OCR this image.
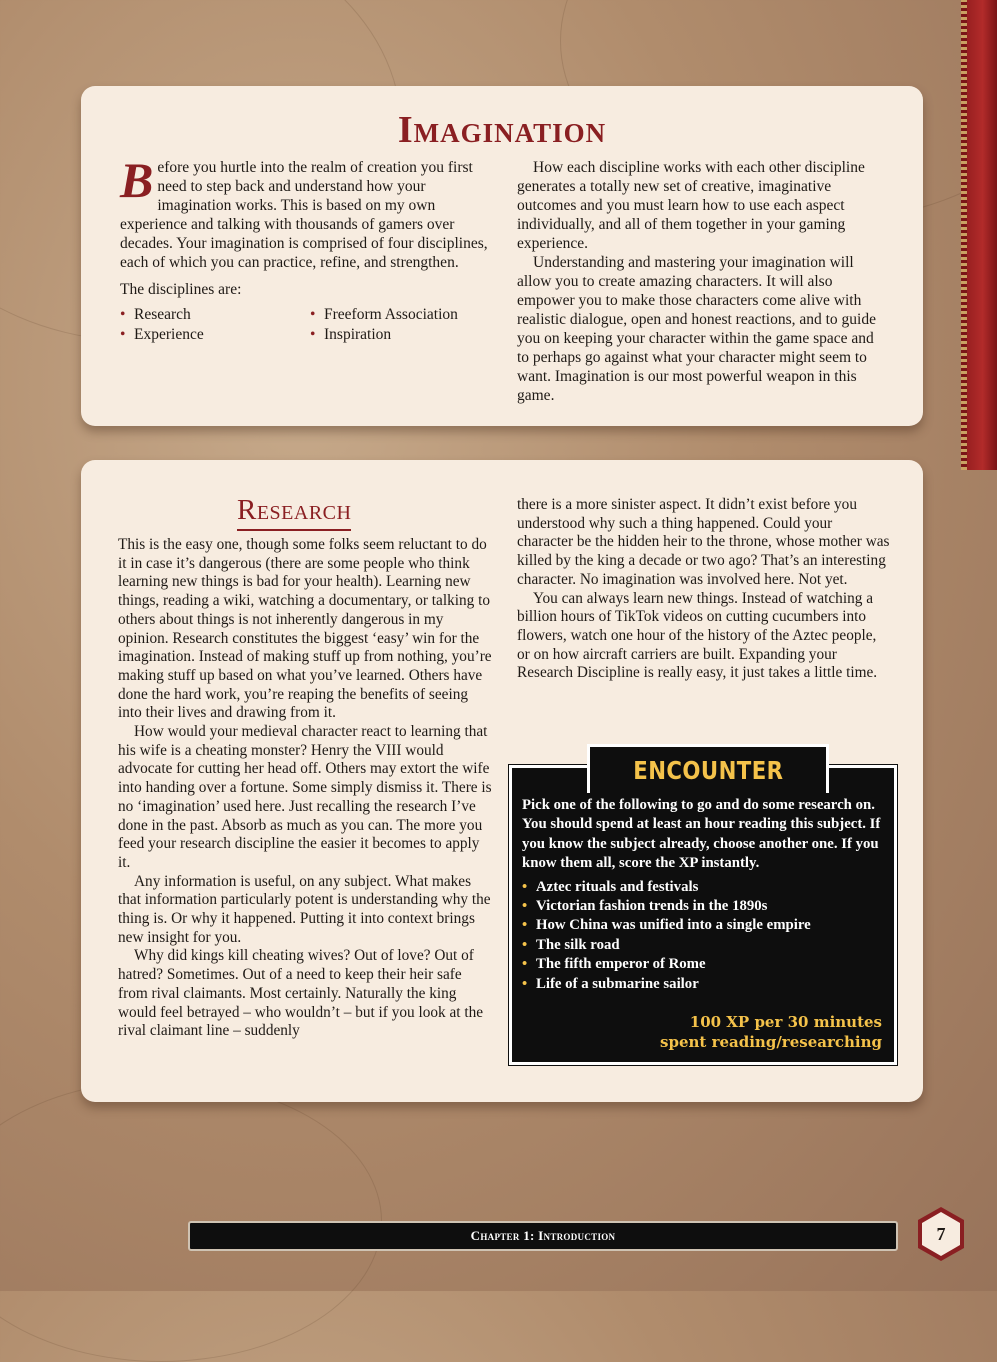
Imagination

Before you hurtle into the realm of creation you first need to step back and understand how your imagination works. This is based on my own experience and talking with thousands of gamers over decades. Your imagination is comprised of four disciplines, each of which you can practice, refine, and strengthen.

The disciplines are:

• Research	• Freeform Association
• Experience	• Inspiration

How each discipline works with each other discipline generates a totally new set of creative, imaginative outcomes and you must learn how to use each aspect individually, and all of them together in your gaming experience.

Understanding and mastering your imagination will allow you to create amazing characters. It will also empower you to make those characters come alive with realistic dialogue, open and honest reactions, and to guide you on keeping your character within the game space and to perhaps go against what your character might seem to want. Imagination is our most powerful weapon in this game.

Research

This is the easy one, though some folks seem reluctant to do it in case it’s dangerous (there are some people who think learning new things is bad for your health). Learning new things, reading a wiki, watching a documentary, or talking to others about things is not inherently dangerous in my opinion. Research constitutes the biggest ‘easy’ win for the imagination. Instead of making stuff up from nothing, you’re making stuff up based on what you’ve learned. Others have done the hard work, you’re reaping the benefits of seeing into their lives and drawing from it.

How would your medieval character react to learning that his wife is a cheating monster? Henry the VIII would advocate for cutting her head off. Others may extort the wife into handing over a fortune. Some simply dismiss it. There is no ‘imagination’ used here. Just recalling the research I’ve done in the past. Absorb as much as you can. The more you feed your research discipline the easier it becomes to apply it.

Any information is useful, on any subject. What makes that information particularly potent is understanding why the thing is. Or why it happened. Putting it into context brings new insight for you.

Why did kings kill cheating wives? Out of love? Out of hatred? Sometimes. Out of a need to keep their heir safe from rival claimants. Most certainly. Naturally the king would feel betrayed – who wouldn’t – but if you look at the rival claimant line – suddenly

there is a more sinister aspect. It didn’t exist before you understood why such a thing happened. Could your character be the hidden heir to the throne, whose mother was killed by the king a decade or two ago? That’s an interesting character. No imagination was involved here. Not yet.

You can always learn new things. Instead of watching a billion hours of TikTok videos on cutting cucumbers into flowers, watch one hour of the history of the Aztec people, or on how aircraft carriers are built. Expanding your Research Discipline is really easy, it just takes a little time.

ENCOUNTER

Pick one of the following to go and do some research on. You should spend at least an hour reading this subject. If you know the subject already, choose another one. If you know them all, score the XP instantly.

• Aztec rituals and festivals
• Victorian fashion trends in the 1890s
• How China was unified into a single empire
• The silk road
• The fifth emperor of Rome
• Life of a submarine sailor
100 XP per 30 minutes
spent reading/researching
Chapter 1: Introduction	7
